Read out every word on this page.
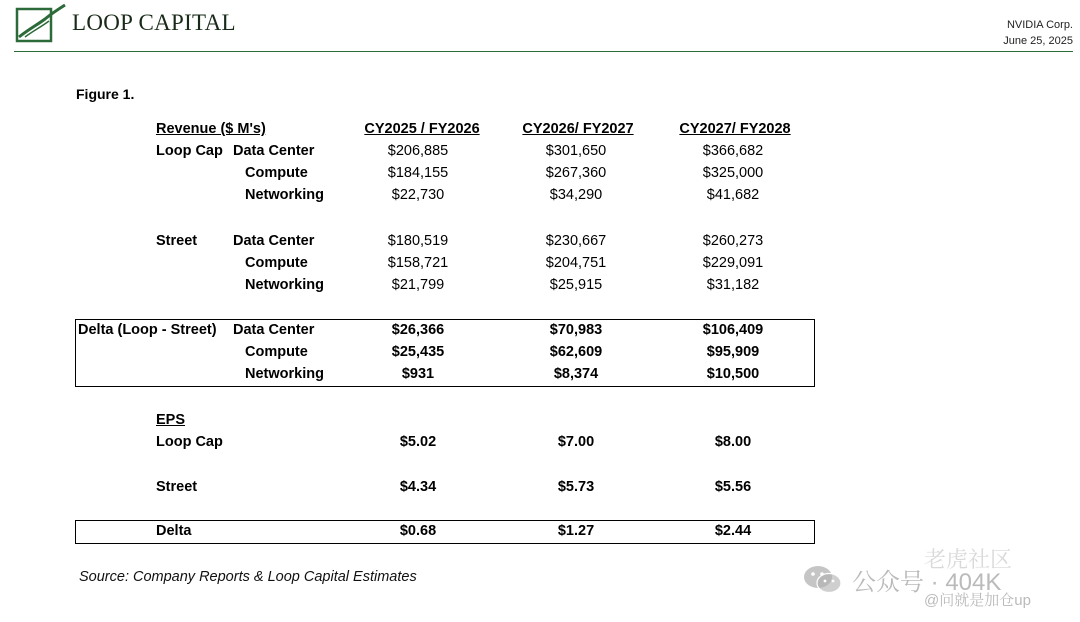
LOOP CAPITAL	NVIDIA Corp.
June 25, 2025
Figure 1.
Revenue ($ M's)	CY2025 / FY2026	CY2026/ FY2027	CY2027/ FY2028
Loop Cap Data Center	$206,885	$301,650	$366,682
Compute	$184,155	$267,360	$325,000
Networking	$22,730	$34,290	$41,682
Street Data Center	$180,519	$230,667	$260,273
Compute	$158,721	$204,751	$229,091
Networking	$21,799	$25,915	$31,182
Delta (Loop - Street) Data Center	$26,366	$70,983	$106,409
Compute	$25,435	$62,609	$95,909
Networking	$931	$8,374	$10,500
EPS
Loop Cap	$5.02	$7.00	$8.00
Street	$4.34	$5.73	$5.56
Delta	$0.68	$1.27	$2.44
Source: Company Reports & Loop Capital Estimates
老虎社区
公众号 · 404K
@问就是加仓up
